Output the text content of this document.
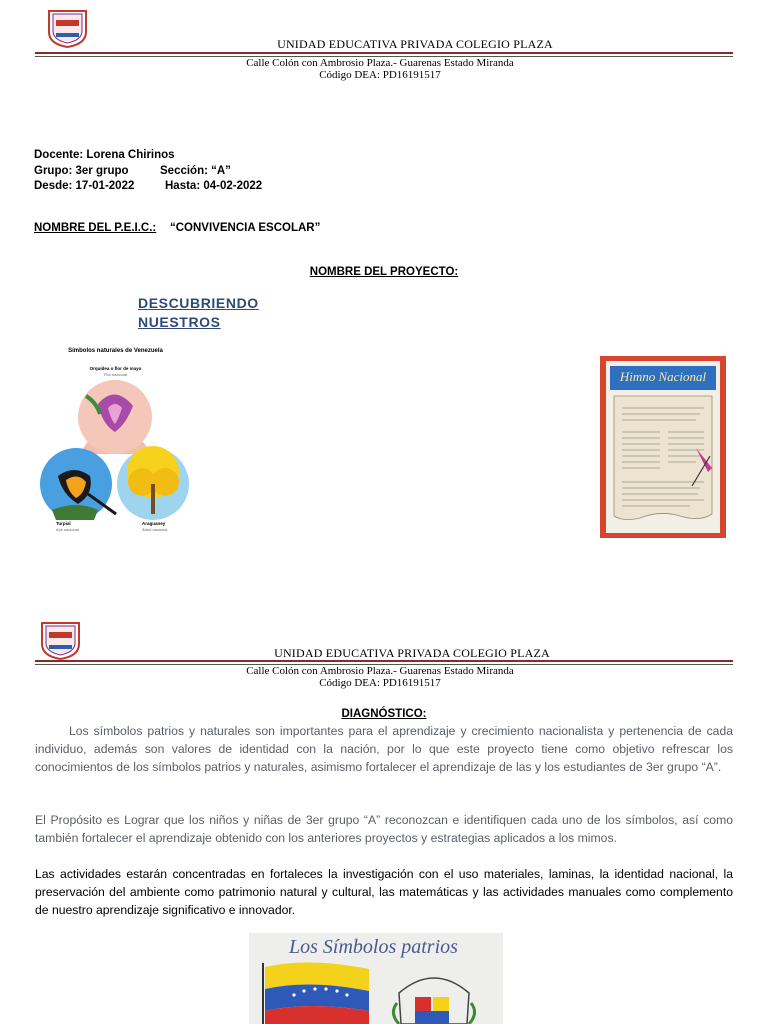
UNIDAD EDUCATIVA PRIVADA COLEGIO PLAZA
Calle Colón con Ambrosio Plaza.- Guarenas Estado Miranda
Código DEA: PD16191517
Docente: Lorena Chirinos
Grupo: 3er grupo	Sección: “A”
Desde: 17-01-2022	Hasta: 04-02-2022
NOMBRE DEL P.E.I.C.: “CONVIVENCIA ESCOLAR”
NOMBRE DEL PROYECTO:
DESCUBRIENDO
NUESTROS
Símbolos naturales de Venezuela
Orquídea o flor de mayo
Flor nacional
Turpial
Ave nacional
Araguaney
Árbol nacional
Himno Nacional
UNIDAD EDUCATIVA PRIVADA COLEGIO PLAZA
Calle Colón con Ambrosio Plaza.- Guarenas Estado Miranda
Código DEA: PD16191517
DIAGNÓSTICO:
Los símbolos patrios y naturales son importantes para el aprendizaje y crecimiento nacionalista y pertenencia de cada individuo, además son valores de identidad con la nación, por lo que este proyecto tiene como objetivo refrescar los conocimientos de los símbolos patrios y naturales, asimismo fortalecer el aprendizaje de las y los estudiantes de 3er grupo “A”.
El Propósito es Lograr que los niños y niñas de 3er grupo “A” reconozcan e identifiquen cada uno de los símbolos, así como también fortalecer el aprendizaje obtenido con los anteriores proyectos y estrategias aplicados a los mimos.
Las actividades estarán concentradas en fortaleces la investigación con el uso materiales, laminas, la identidad nacional, la preservación del ambiente como patrimonio natural y cultural, las matemáticas y las actividades manuales como complemento de nuestro aprendizaje significativo e innovador.
Los Símbolos patrios
